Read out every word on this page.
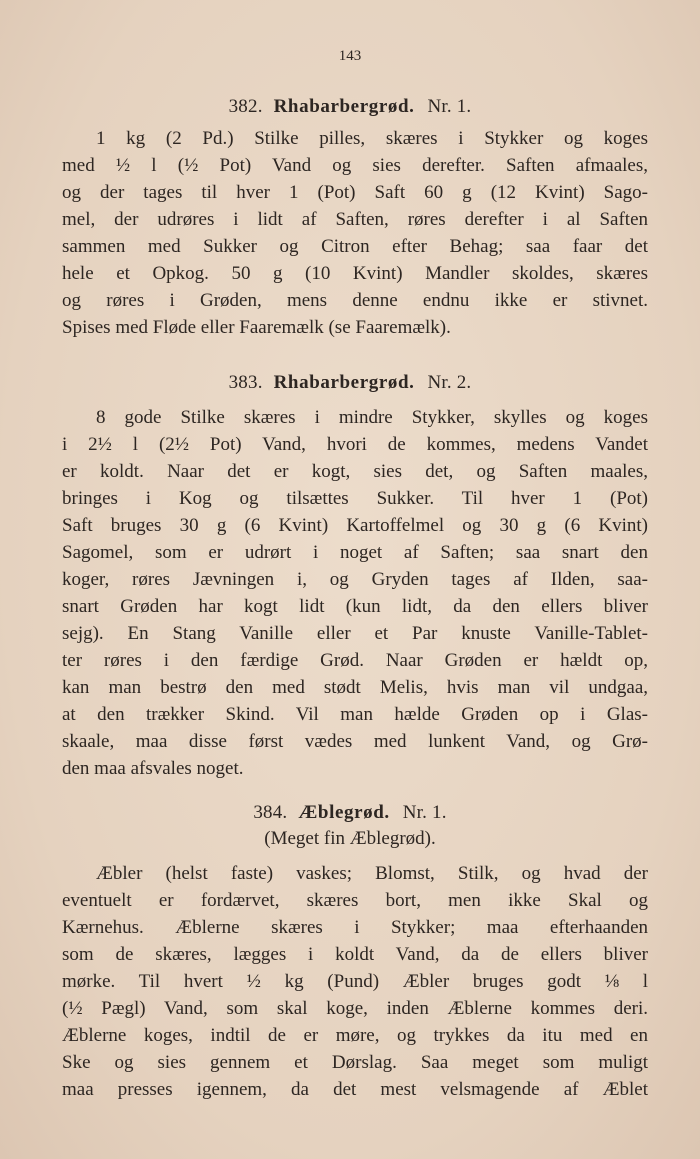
143
382. Rhabarbergrød. Nr. 1.
1 kg (2 Pd.) Stilke pilles, skæres i Stykker og koges
med ½ l (½ Pot) Vand og sies derefter. Saften afmaales,
og der tages til hver 1 (Pot) Saft 60 g (12 Kvint) Sago-
mel, der udrøres i lidt af Saften, røres derefter i al Saften
sammen med Sukker og Citron efter Behag; saa faar det
hele et Opkog. 50 g (10 Kvint) Mandler skoldes, skæres
og røres i Grøden, mens denne endnu ikke er stivnet.
Spises med Fløde eller Faaremælk (se Faaremælk).
383. Rhabarbergrød. Nr. 2.
8 gode Stilke skæres i mindre Stykker, skylles og koges
i 2½ l (2½ Pot) Vand, hvori de kommes, medens Vandet
er koldt. Naar det er kogt, sies det, og Saften maales,
bringes i Kog og tilsættes Sukker. Til hver 1 (Pot)
Saft bruges 30 g (6 Kvint) Kartoffelmel og 30 g (6 Kvint)
Sagomel, som er udrørt i noget af Saften; saa snart den
koger, røres Jævningen i, og Gryden tages af Ilden, saa-
snart Grøden har kogt lidt (kun lidt, da den ellers bliver
sejg). En Stang Vanille eller et Par knuste Vanille-Tablet-
ter røres i den færdige Grød. Naar Grøden er hældt op,
kan man bestrø den med stødt Melis, hvis man vil undgaa,
at den trækker Skind. Vil man hælde Grøden op i Glas-
skaale, maa disse først vædes med lunkent Vand, og Grø-
den maa afsvales noget.
384. Æblegrød. Nr. 1.
(Meget fin Æblegrød).
Æbler (helst faste) vaskes; Blomst, Stilk, og hvad der
eventuelt er fordærvet, skæres bort, men ikke Skal og
Kærnehus. Æblerne skæres i Stykker; maa efterhaanden
som de skæres, lægges i koldt Vand, da de ellers bliver
mørke. Til hvert ½ kg (Pund) Æbler bruges godt ⅛ l
(½ Pægl) Vand, som skal koge, inden Æblerne kommes deri.
Æblerne koges, indtil de er møre, og trykkes da itu med en
Ske og sies gennem et Dørslag. Saa meget som muligt
maa presses igennem, da det mest velsmagende af Æblet
